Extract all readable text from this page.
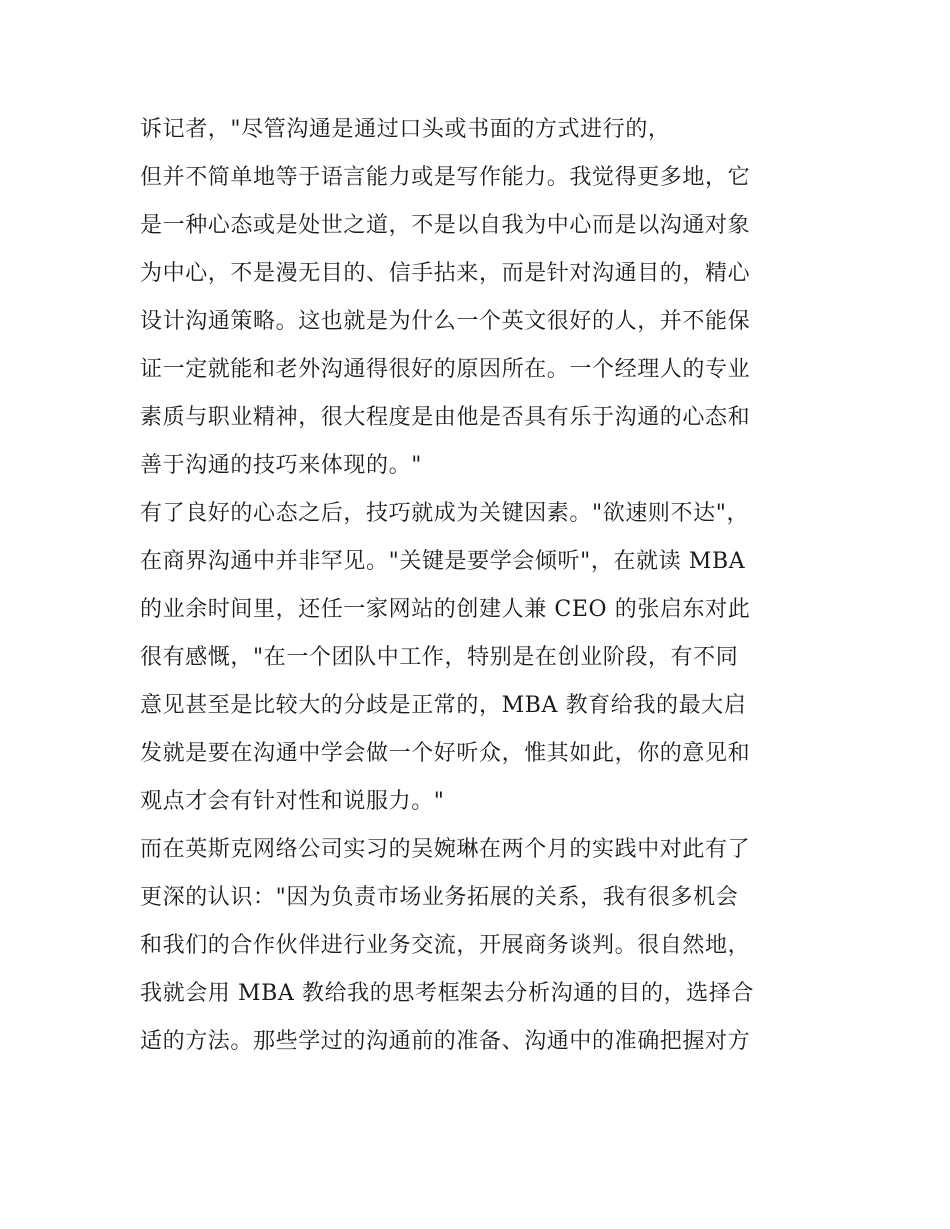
诉记者，"尽管沟通是通过口头或书面的方式进行的，
但并不简单地等于语言能力或是写作能力。我觉得更多地，它
是一种心态或是处世之道，不是以自我为中心而是以沟通对象
为中心，不是漫无目的、信手拈来，而是针对沟通目的，精心
设计沟通策略。这也就是为什么一个英文很好的人，并不能保
证一定就能和老外沟通得很好的原因所在。一个经理人的专业
素质与职业精神，很大程度是由他是否具有乐于沟通的心态和
善于沟通的技巧来体现的。"
有了良好的心态之后，技巧就成为关键因素。"欲速则不达"，
在商界沟通中并非罕见。"关键是要学会倾听"，在就读 MBA
的业余时间里，还任一家网站的创建人兼 CEO 的张启东对此
很有感慨，"在一个团队中工作，特别是在创业阶段，有不同
意见甚至是比较大的分歧是正常的，MBA 教育给我的最大启
发就是要在沟通中学会做一个好听众，惟其如此，你的意见和
观点才会有针对性和说服力。"
而在英斯克网络公司实习的吴婉琳在两个月的实践中对此有了
更深的认识："因为负责市场业务拓展的关系，我有很多机会
和我们的合作伙伴进行业务交流，开展商务谈判。很自然地，
我就会用 MBA 教给我的思考框架去分析沟通的目的，选择合
适的方法。那些学过的沟通前的准备、沟通中的准确把握对方
